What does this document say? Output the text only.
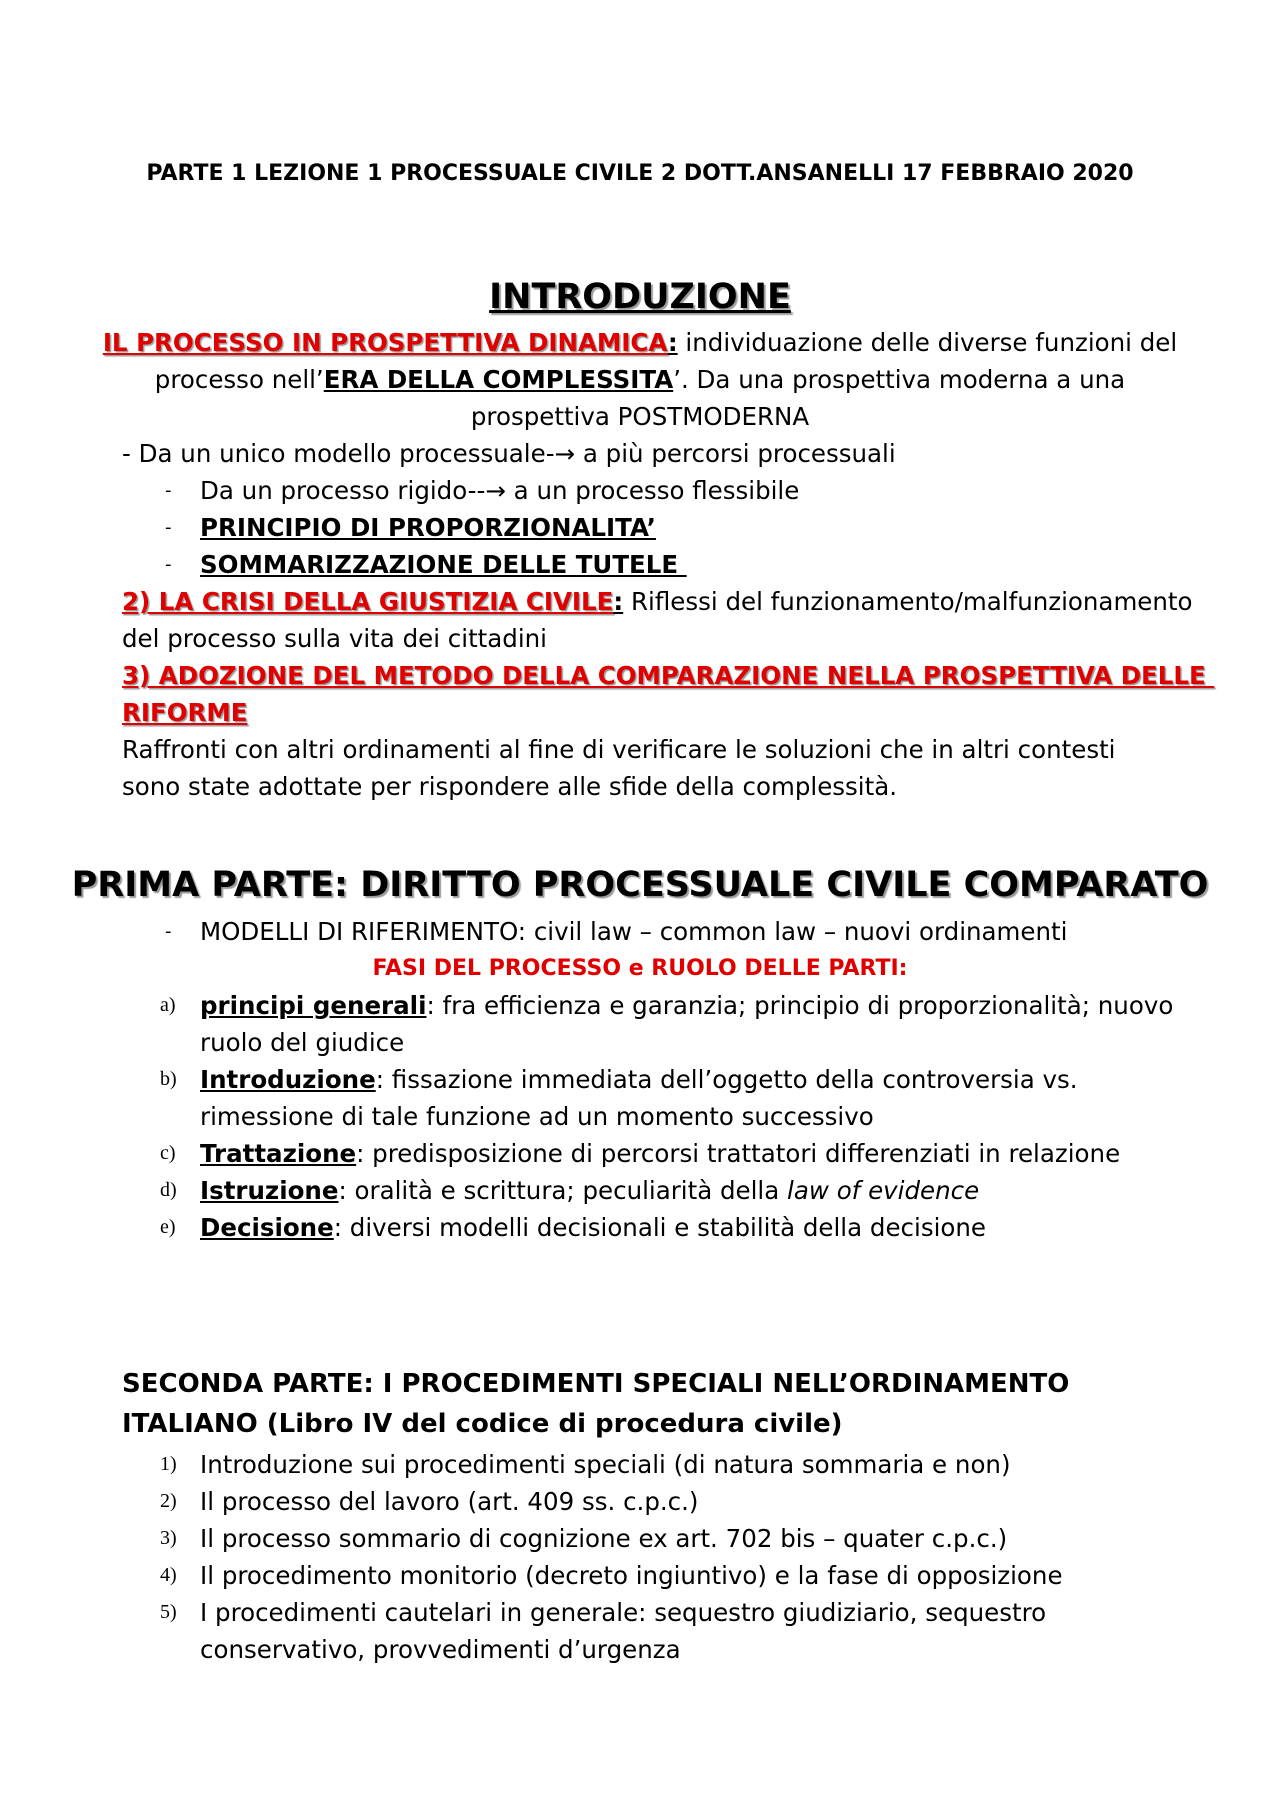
PARTE 1 LEZIONE 1 PROCESSUALE CIVILE 2 DOTT.ANSANELLI 17 FEBBRAIO 2020
INTRODUZIONE
IL PROCESSO IN PROSPETTIVA DINAMICA: individuazione delle diverse funzioni del
processo nell’ERA DELLA COMPLESSITA’. Da una prospettiva moderna a una
prospettiva POSTMODERNA
- Da un unico modello processuale-→ a più percorsi processuali
- Da un processo rigido--→ a un processo flessibile
- PRINCIPIO DI PROPORZIONALITA’
- SOMMARIZZAZIONE DELLE TUTELE
2) LA CRISI DELLA GIUSTIZIA CIVILE: Riflessi del funzionamento/malfunzionamento
del processo sulla vita dei cittadini
3) ADOZIONE DEL METODO DELLA COMPARAZIONE NELLA PROSPETTIVA DELLE
RIFORME
Raffronti con altri ordinamenti al fine di verificare le soluzioni che in altri contesti
sono state adottate per rispondere alle sfide della complessità.
PRIMA PARTE: DIRITTO PROCESSUALE CIVILE COMPARATO
- MODELLI DI RIFERIMENTO: civil law – common law – nuovi ordinamenti
FASI DEL PROCESSO e RUOLO DELLE PARTI:
a) principi generali: fra efficienza e garanzia; principio di proporzionalità; nuovo
ruolo del giudice
b) Introduzione: fissazione immediata dell’oggetto della controversia vs.
rimessione di tale funzione ad un momento successivo
c) Trattazione: predisposizione di percorsi trattatori differenziati in relazione
d) Istruzione: oralità e scrittura; peculiarità della law of evidence
e) Decisione: diversi modelli decisionali e stabilità della decisione
SECONDA PARTE: I PROCEDIMENTI SPECIALI NELL’ORDINAMENTO
ITALIANO (Libro IV del codice di procedura civile)
1) Introduzione sui procedimenti speciali (di natura sommaria e non)
2) Il processo del lavoro (art. 409 ss. c.p.c.)
3) Il processo sommario di cognizione ex art. 702 bis – quater c.p.c.)
4) Il procedimento monitorio (decreto ingiuntivo) e la fase di opposizione
5) I procedimenti cautelari in generale: sequestro giudiziario, sequestro
conservativo, provvedimenti d’urgenza
